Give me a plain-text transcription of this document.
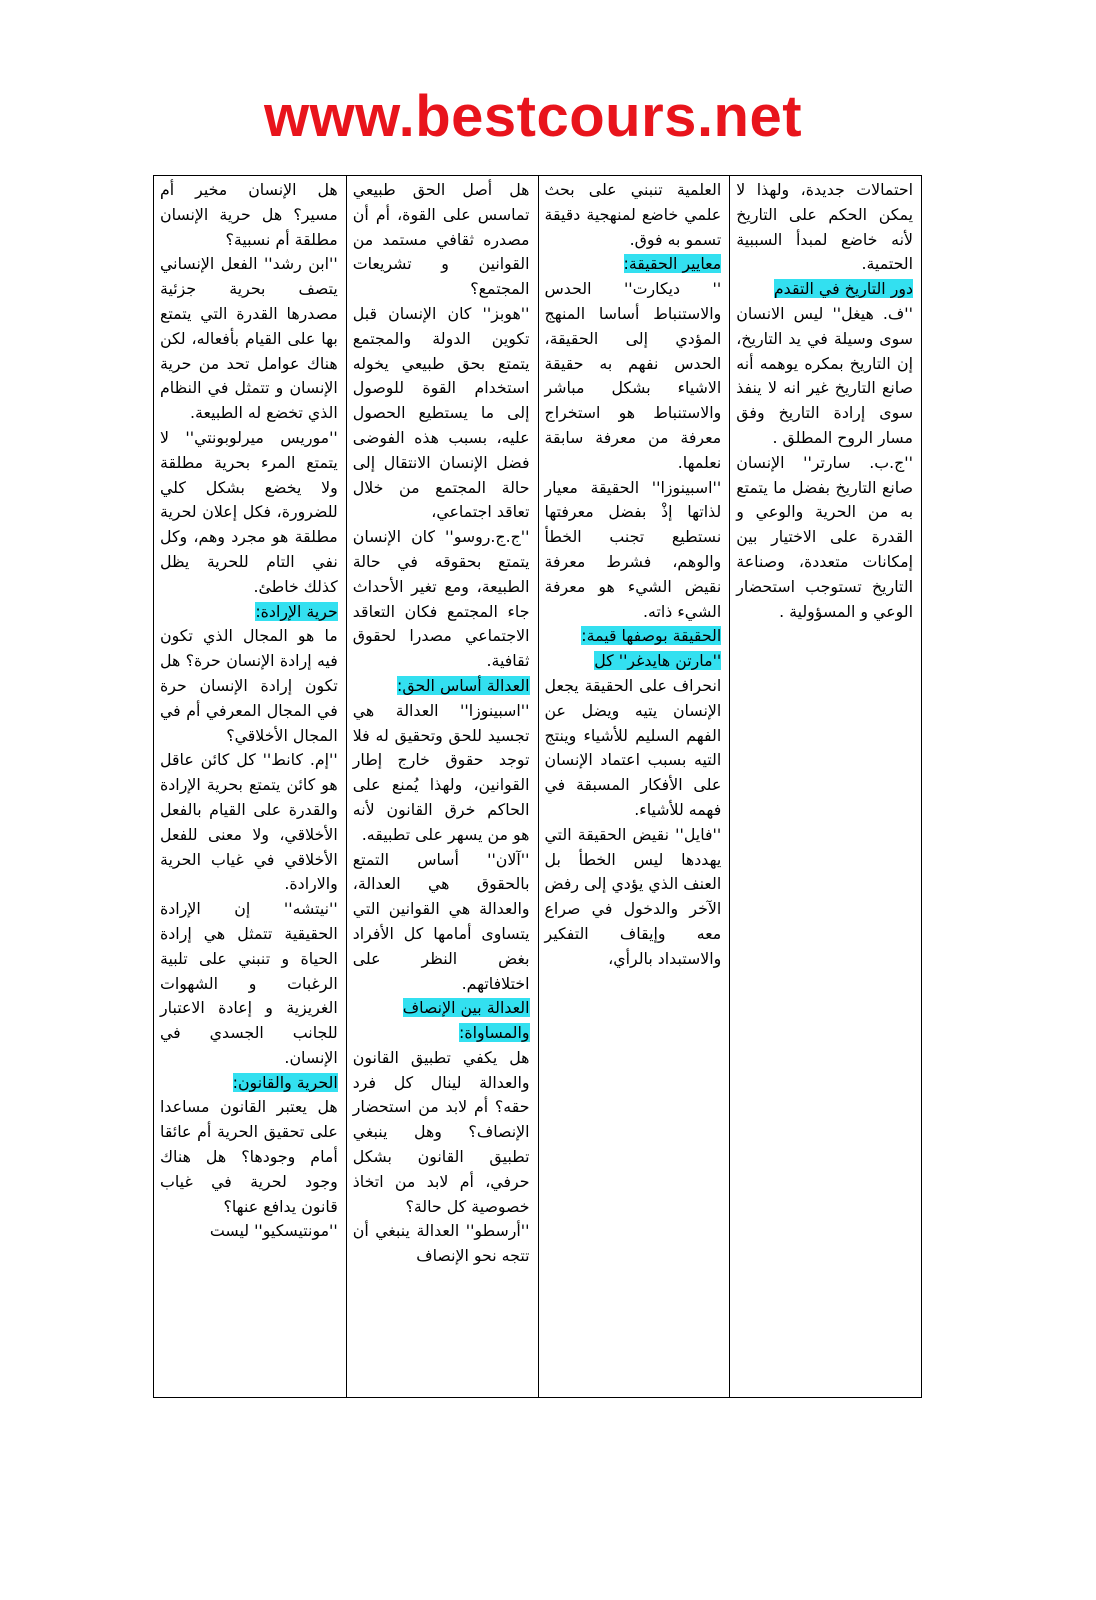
www.bestcours.net

احتمالات جديدة، ولهذا لا يمكن الحكم على التاريخ لأنه خاضع لمبدأ السببية الحتمية.

دور التاريخ في التقدم

''ف. هيغل'' ليس الانسان سوى وسيلة في يد التاريخ، إن التاريخ بمكره يوهمه أنه صانع التاريخ غير انه لا ينفذ سوى إرادة التاريخ وفق مسار الروح المطلق .

''ج.ب. سارتر'' الإنسان صانع التاريخ بفضل ما يتمتع به من الحرية والوعي و القدرة على الاختيار بين إمكانات متعددة، وصناعة التاريخ تستوجب استحضار الوعي و المسؤولية .

العلمية تنبني على بحث علمي خاضع لمنهجية دقيقة تسمو به فوق.

معايير الحقيقة:

'' ديكارت'' الحدس والاستنباط أساسا المنهج المؤدي إلى الحقيقة، الحدس نفهم به حقيقة الاشياء بشكل مباشر والاستنباط هو استخراج معرفة من معرفة سابقة نعلمها.

''اسبينوزا'' الحقيقة معيار لذاتها إذْ بفضل معرفتها نستطيع تجنب الخطأ والوهم، فشرط معرفة نقيض الشيء هو معرفة الشيء ذاته.

الحقيقة بوصفها قيمة:

''مارتن هايدغر'' كل

انحراف على الحقيقة يجعل الإنسان يتيه ويضل عن الفهم السليم للأشياء وينتج التيه بسبب اعتماد الإنسان على الأفكار المسبقة في فهمه للأشياء.

''فايل'' نقيض الحقيقة التي يهددها ليس الخطأ بل العنف الذي يؤدي إلى رفض الآخر والدخول في صراع معه وإيقاف التفكير والاستبداد بالرأي،

هل أصل الحق طبيعي تماسس على القوة، أم أن مصدره ثقافي مستمد من القوانين و تشريعات المجتمع؟

''هوبز'' كان الإنسان قبل تكوين الدولة والمجتمع يتمتع بحق طبيعي يخوله استخدام القوة للوصول إلى ما يستطيع الحصول عليه، بسبب هذه الفوضى فضل الإنسان الانتقال إلى حالة المجتمع من خلال تعاقد اجتماعي،

''ج.ج.روسو'' كان الإنسان يتمتع بحقوقه في حالة الطبيعة، ومع تغير الأحداث جاء المجتمع فكان التعاقد الاجتماعي مصدرا لحقوق ثقافية.

العدالة أساس الحق:

''اسبينوزا'' العدالة هي تجسيد للحق وتحقيق له فلا توجد حقوق خارج إطار القوانين، ولهذا يُمنع على الحاكم خرق القانون لأنه هو من يسهر على تطبيقه.

''آلان'' أساس التمتع بالحقوق هي العدالة، والعدالة هي القوانين التي يتساوى أمامها كل الأفراد بغض النظر على اختلافاتهم.

العدالة بين الإنصاف والمساواة:

هل يكفي تطبيق القانون والعدالة لينال كل فرد حقه؟ أم لابد من استحضار الإنصاف؟ وهل ينبغي تطبيق القانون بشكل حرفي، أم لابد من اتخاذ خصوصية كل حالة؟

''أرسطو'' العدالة ينبغي أن تتجه نحو الإنصاف

هل الإنسان مخير أم مسير؟ هل حرية الإنسان مطلقة أم نسبية؟

''ابن رشد'' الفعل الإنساني يتصف بحرية جزئية مصدرها القدرة التي يتمتع بها على القيام بأفعاله، لكن هناك عوامل تحد من حرية الإنسان و تتمثل في النظام الذي تخضع له الطبيعة.

''موريس ميرلوبونتي'' لا يتمتع المرء بحرية مطلقة ولا يخضع بشكل كلي للضرورة، فكل إعلان لحرية مطلقة هو مجرد وهم، وكل نفي التام للحرية يظل كذلك خاطئ.

حرية الإرادة:

ما هو المجال الذي تكون فيه إرادة الإنسان حرة؟ هل تكون إرادة الإنسان حرة في المجال المعرفي أم في المجال الأخلاقي؟

''إم. كانط'' كل كائن عاقل هو كائن يتمتع بحرية الإرادة والقدرة على القيام بالفعل الأخلاقي، ولا معنى للفعل الأخلاقي في غياب الحرية والارادة.

''نيتشه'' إن الإرادة الحقيقية تتمثل هي إرادة الحياة و تنبني على تلبية الرغبات و الشهوات الغريزية و إعادة الاعتبار للجانب الجسدي في الإنسان.

الحرية والقانون:

هل يعتبر القانون مساعدا على تحقيق الحرية أم عائقا أمام وجودها؟ هل هناك وجود لحرية في غياب قانون يدافع عنها؟

''مونتيسكيو'' ليست
